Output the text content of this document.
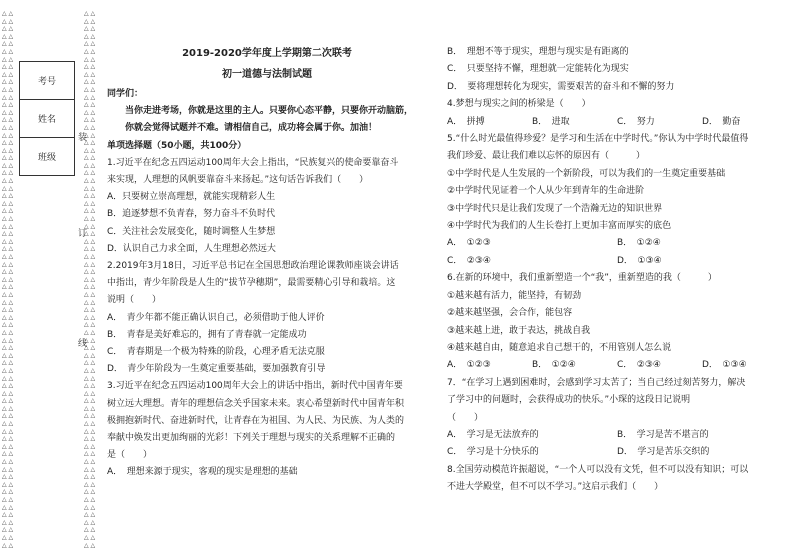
△ △
△ △
△ △
△ △
△ △
△ △
△ △
△ △
△ △
△ △
△ △
△ △
△ △
△ △
△ △
△ △
△ △
△ △
△ △
△ △
△ △
△ △
△ △
△ △
△ △
△ △
△ △
△ △
△ △
△ △
△ △
△ △
△ △
△ △
△ △
△ △
△ △
△ △
△ △
△ △
△ △
△ △
△ △
△ △
△ △
△ △
△ △
△ △
△ △
△ △
△ △
△ △
△ △
△ △
△ △
△ △
△ △
△ △
△ △
△ △
△ △
△ △
△ △
△ △
△ △
△ △
△ △
△ △
△ △
△ △
△ △
△ △
△ △
△ △
△ △
△ △
△ △
△ △
△ △
△ △
△ △
△ △
△ △
△ △
△ △
△ △
△ △
△ △
△ △
△ △
△ △
△ △
△ △
△ △
△ △
△ △
△ △
△ △
△ △
△ △
△ △
△ △
△ △
△ △
△ △
△ △
△ △
△ △
△ △
△ △
△ △
△ △
△ △
△ △
△ △
△ △
△ △
△ △
△ △
△ △
△ △
△ △
△ △
△ △
△ △
△ △
△ △
△ △
△ △
△ △
△ △
△ △
△ △
△ △
△ △
△ △
△ △
△ △
△ △
△ △
△ △
△ △
考号
姓名
班级
装
订
线
2019-2020学年度上学期第二次联考
初一道德与法制试题
同学们：
当你走进考场，你就是这里的主人。只要你心态平静，只要你开动脑筋，
你就会觉得试题并不难。请相信自己，成功将会属于你。加油！
单项选择题（50小题，共100分）
1.习近平在纪念五四运动100周年大会上指出，“民族复兴的使命要靠奋斗
来实现，人理想的风帆要靠奋斗来扬起。”这句话告诉我们（　　）
A．只要树立崇高理想，就能实现精彩人生
B．追逐梦想不负青春，努力奋斗不负时代
C．关注社会发展变化，随时调整人生梦想
D．认识自己力求全面，人生理想必然远大
2.2019年3月18日，习近平总书记在全国思想政治理论课教师座谈会讲话
中指出，青少年阶段是人生的“拔节孕穗期”，最需要精心引导和栽培。这
说明（　　）
A．　青少年都不能正确认识自己，必须借助于他人评价
B．　青春是美好难忘的，拥有了青春就一定能成功
C．　青春期是一个极为特殊的阶段，心理矛盾无法克服
D．　青少年阶段为一生奠定重要基础，要加强教育引导
3.习近平在纪念五四运动100周年大会上的讲话中指出，新时代中国青年要
树立远大理想。青年的理想信念关乎国家未来。衷心希望新时代中国青年积
极拥抱新时代、奋进新时代，让青春在为祖国、为人民、为民族、为人类的
奉献中焕发出更加绚丽的光彩！下列关于理想与现实的关系理解不正确的
是（　　）
A．　理想来源于现实，客观的现实是理想的基础
B．　理想不等于现实，理想与现实是有距离的
C．　只要坚持不懈，理想就一定能转化为现实
D．　要将理想转化为现实，需要艰苦的奋斗和不懈的努力
4.梦想与现实之间的桥梁是（　　）
A．　拼搏	B．　进取	C．　努力	D．　勤奋
5.“什么时光最值得珍爱？是学习和生活在中学时代。”你认为中学时代最值得
我们珍爱、最让我们难以忘怀的原因有（　　　）
①中学时代是人生发展的一个新阶段，可以为我们的一生奠定重要基础
②中学时代见证着一个人从少年到青年的生命进阶
③中学时代只是让我们发现了一个浩瀚无边的知识世界
④中学时代为我们的人生长卷打上更加丰富而厚实的底色
A．　①②③	B．　①②④
C．　②③④	D．　①③④
6.在新的环境中，我们重新塑造一个“我”，重新塑造的我（　　　）
①越来越有活力，能坚持，有韧劲
②越来越坚强，会合作，能包容
③越来越上进，敢于表达，挑战自我
④越来越自由，随意追求自己想干的，不用管别人怎么说
A．　①②③	B．　①②④	C．　②③④	D．　①③④
7．“在学习上遇到困难时，会感到学习太苦了；当自己经过刻苦努力，解决
了学习中的问题时，会获得成功的快乐。”小琛的这段日记说明
（　　）
A．　学习是无法放弃的	B．　学习是苦不堪言的
C．　学习是十分快乐的	D．　学习是苦乐交织的
8.全国劳动模范许振超说，“一个人可以没有文凭，但不可以没有知识；可以
不进大学殿堂，但不可以不学习。”这启示我们（　　）
